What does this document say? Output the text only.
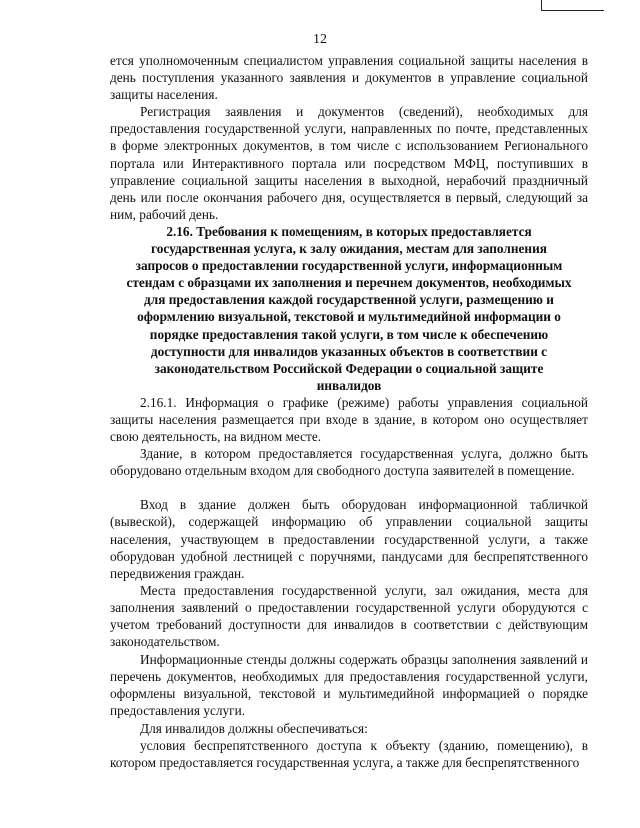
12

ется уполномоченным специалистом управления социальной защиты населения в день поступления указанного заявления и документов в управление социальной защиты населения.

Регистрация заявления и документов (сведений), необходимых для предоставления государственной услуги, направленных по почте, представленных в форме электронных документов, в том числе с использованием Регионального портала или Интерактивного портала или посредством МФЦ, поступивших в управление социальной защиты населения в выходной, нерабочий праздничный день или после окончания рабочего дня, осуществляется в первый, следующий за ним, рабочий день.

2.16. Требования к помещениям, в которых предоставляется государственная услуга, к залу ожидания, местам для заполнения запросов о предоставлении государственной услуги, информационным стендам с образцами их заполнения и перечнем документов, необходимых для предоставления каждой государственной услуги, размещению и оформлению визуальной, текстовой и мультимедийной информации о порядке предоставления такой услуги, в том числе к обеспечению доступности для инвалидов указанных объектов в соответствии с законодательством Российской Федерации о социальной защите инвалидов

2.16.1. Информация о графике (режиме) работы управления социальной защиты населения размещается при входе в здание, в котором оно осуществляет свою деятельность, на видном месте.

Здание, в котором предоставляется государственная услуга, должно быть оборудовано отдельным входом для свободного доступа заявителей в помещение.

Вход в здание должен быть оборудован информационной табличкой (вывеской), содержащей информацию об управлении социальной защиты населения, участвующем в предоставлении государственной услуги, а также оборудован удобной лестницей с поручнями, пандусами для беспрепятственного передвижения граждан.

Места предоставления государственной услуги, зал ожидания, места для заполнения заявлений о предоставлении государственной услуги оборудуются с учетом требований доступности для инвалидов в соответствии с действующим законодательством.

Информационные стенды должны содержать образцы заполнения заявлений и перечень документов, необходимых для предоставления государственной услуги, оформлены визуальной, текстовой и мультимедийной информацией о порядке предоставления услуги.

Для инвалидов должны обеспечиваться:

условия беспрепятственного доступа к объекту (зданию, помещению), в котором предоставляется государственная услуга, а также для беспрепятственного
